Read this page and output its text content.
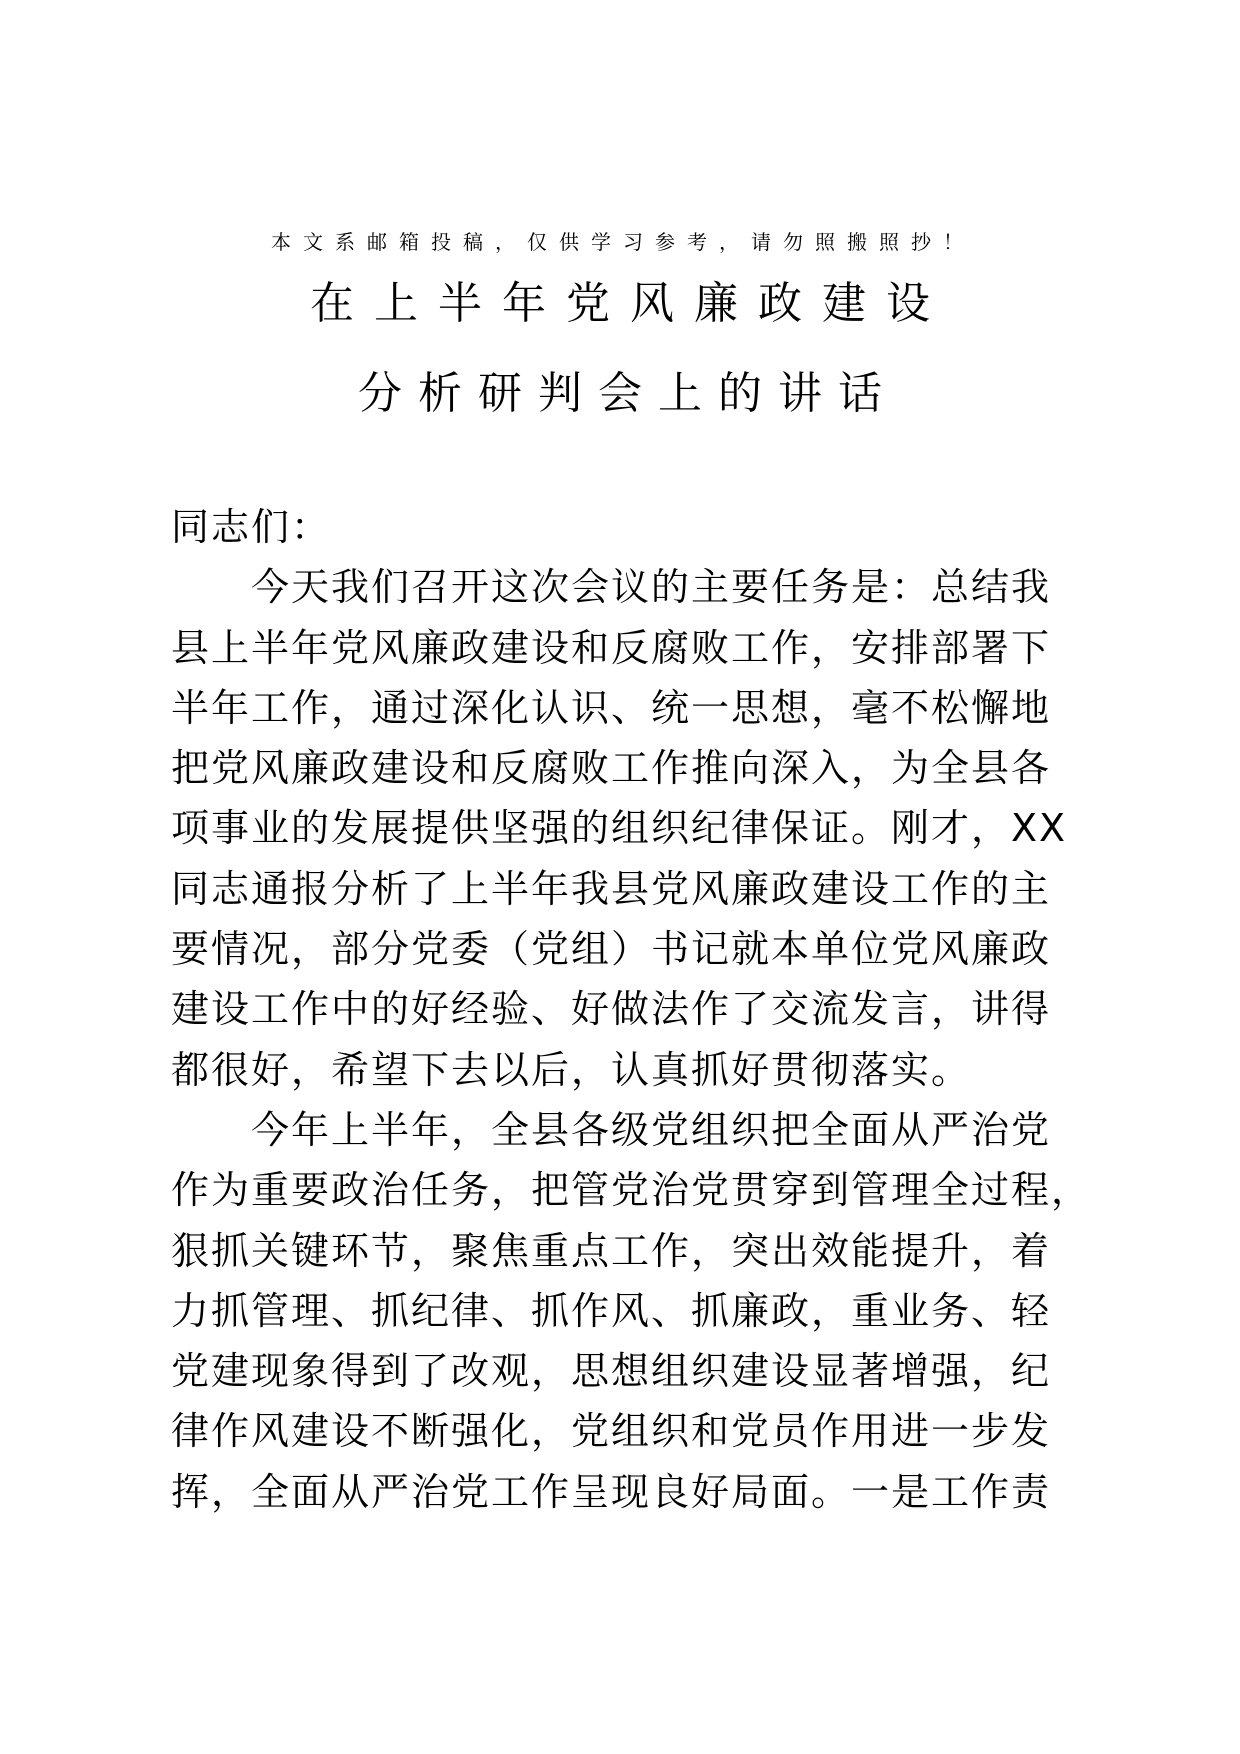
本文系邮箱投稿，仅供学习参考，请勿照搬照抄！
在上半年党风廉政建设
分析研判会上的讲话
同志们：
今天我们召开这次会议的主要任务是：总结我
县上半年党风廉政建设和反腐败工作，安排部署下
半年工作，通过深化认识、统一思想，毫不松懈地
把党风廉政建设和反腐败工作推向深入，为全县各
项事业的发展提供坚强的组织纪律保证。刚才，XX
同志通报分析了上半年我县党风廉政建设工作的主
要情况，部分党委（党组）书记就本单位党风廉政
建设工作中的好经验、好做法作了交流发言，讲得
都很好，希望下去以后，认真抓好贯彻落实。
今年上半年，全县各级党组织把全面从严治党
作为重要政治任务，把管党治党贯穿到管理全过程，
狠抓关键环节，聚焦重点工作，突出效能提升，着
力抓管理、抓纪律、抓作风、抓廉政，重业务、轻
党建现象得到了改观，思想组织建设显著增强，纪
律作风建设不断强化，党组织和党员作用进一步发
挥，全面从严治党工作呈现良好局面。一是工作责
